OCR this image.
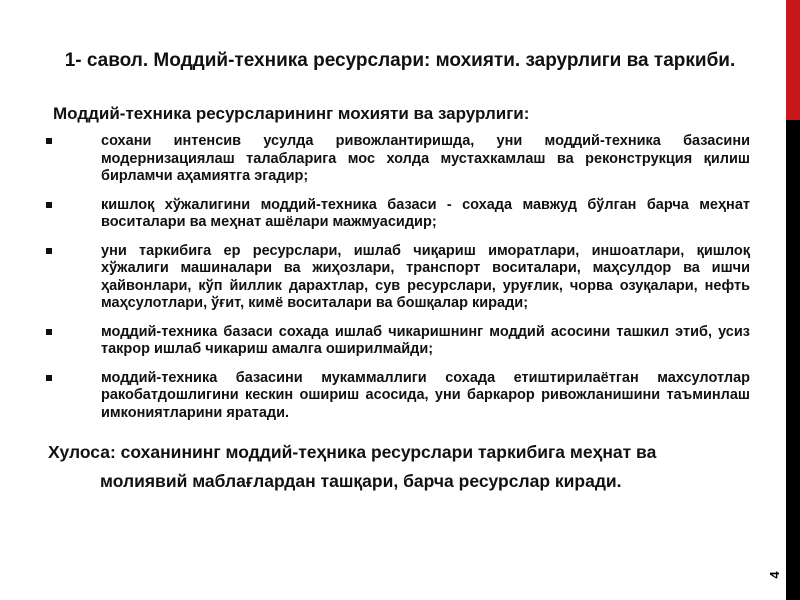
4
1- савол. Моддий-техника ресурслари: мохияти. зарурлиги ва таркиби.
Моддий-техника ресурсларининг мохияти ва зарурлиги:
сохани интенсив усулда ривожлантиришда, уни моддий-техника базасини модернизациялаш талабларига мос холда мустахкамлаш ва реконструкция қилиш бирламчи аҳамиятга эгадир;
кишлоқ хўжалигини моддий-техника базаси - сохада мавжуд бўлган барча меҳнат воситалари ва меҳнат ашёлари мажмуасидир;
уни таркибига ер ресурслари, ишлаб чиқариш иморатлари, иншоатлари, қишлоқ хўжалиги машиналари ва жиҳозлари, транспорт воситалари, маҳсулдор ва ишчи ҳайвонлари, кўп йиллик дарахтлар, сув ресурслари, уруғлик, чорва озуқалари, нефть маҳсулотлари, ўғит, кимё воситалари ва бошқалар киради;
моддий-техника базаси сохада ишлаб чикаришнинг моддий асосини ташкил этиб, усиз такрор ишлаб чикариш амалга оширилмайди;
моддий-техника базасини мукаммаллиги сохада етиштирилаётган махсулотлар ракобатдошлигини кескин ошириш асосида, уни баркарор ривожланишини таъминлаш имкониятларини яратади.

Хулоса: соханининг моддий-теҳника ресурслари таркибига меҳнат ва
молиявий маблағлардан ташқари, барча ресурслар киради.
